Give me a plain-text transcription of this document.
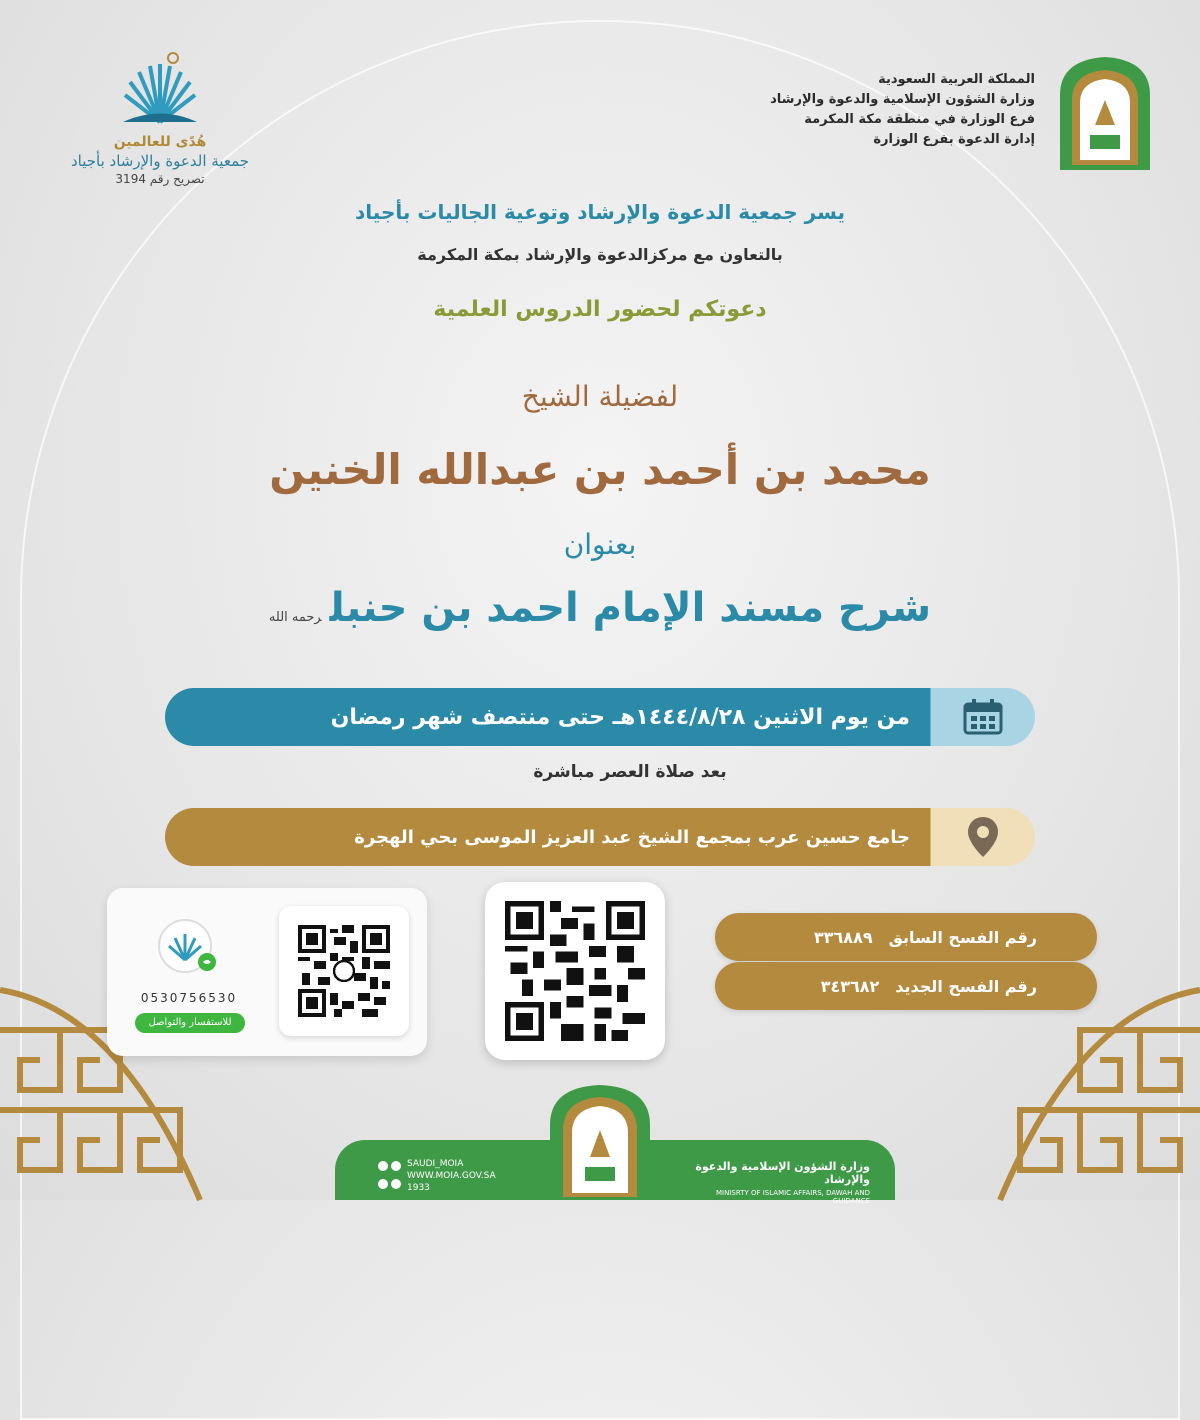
المملكة العربية السعودية
وزارة الشؤون الإسلامية والدعوة والإرشاد
فرع الوزارة في منطقة مكة المكرمة
إدارة الدعوة بفرع الوزارة
هُدًى للعالمين
جمعية الدعوة والإرشاد بأجياد
تصريح رقم 3194
يسر جمعية الدعوة والإرشاد وتوعية الجاليات بأجياد
بالتعاون مع مركزالدعوة والإرشاد بمكة المكرمة
دعوتكم لحضور الدروس العلمية
لفضيلة الشيخ
محمد بن أحمد بن عبدالله الخنين
بعنوان
شرح مسند الإمام احمد بن حنبلرحمه الله
من يوم الاثنين ١٤٤٤/٨/٢٨هـ حتى منتصف شهر رمضان
بعد صلاة العصر مباشرة
جامع حسين عرب بمجمع الشيخ عبد العزيز الموسى بحي الهجرة
0530756530
للاستفسار والتواصل
رقم الفسح السابق
٣٣٦٨٨٩
رقم الفسح الجديد
٣٤٣٦٨٢
SAUDI_MOIA
WWW.MOIA.GOV.SA
1933
وزارة الشؤون الإسلامية والدعوة والإرشاد
MINISRTY OF ISLAMIC AFFAIRS, DAWAH AND GUIDANCE
